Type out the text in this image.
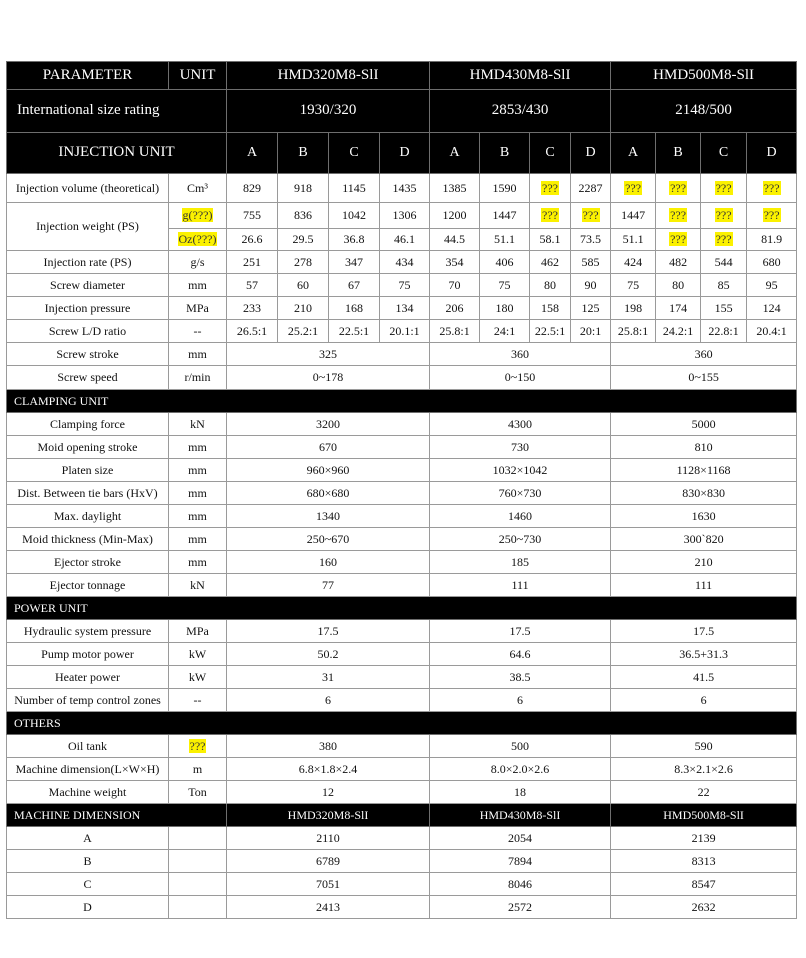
PARAMETER	UNIT	HMD320M8-SlI				HMD430M8-SlI				HMD500M8-SlI			
International size rating		1930/320				2853/430				2148/500			
INJECTION UNIT		A	B	C	D	A	B	C	D	A	B	C	D
Injection volume (theoretical)	Cm³	829	918	1145	1435	1385	1590	???	2287	???	???	???	???
Injection weight (PS)	g(???)	755	836	1042	1306	1200	1447	???	???	1447	???	???	???
	Oz(???)	26.6	29.5	36.8	46.1	44.5	51.1	58.1	73.5	51.1	???	???	81.9
Injection rate (PS)	g/s	251	278	347	434	354	406	462	585	424	482	544	680
Screw diameter	mm	57	60	67	75	70	75	80	90	75	80	85	95
Injection pressure	MPa	233	210	168	134	206	180	158	125	198	174	155	124
Screw L/D ratio	--	26.5:1	25.2:1	22.5:1	20.1:1	25.8:1	24:1	22.5:1	20:1	25.8:1	24.2:1	22.8:1	20.4:1
Screw stroke	mm	325				360				360			
Screw speed	r/min	0~178				0~150				0~155			
CLAMPING UNIT													
Clamping force	kN	3200				4300				5000			
Moid opening stroke	mm	670				730				810			
Platen size	mm	960×960				1032×1042				1128×1168			
Dist. Between tie bars (HxV)	mm	680×680				760×730				830×830			
Max. daylight	mm	1340				1460				1630			
Moid thickness (Min-Max)	mm	250~670				250~730				300`820			
Ejector stroke	mm	160				185				210			
Ejector tonnage	kN	77				111				111			
POWER UNIT													
Hydraulic system pressure	MPa	17.5				17.5				17.5			
Pump motor power	kW	50.2				64.6				36.5+31.3			
Heater power	kW	31				38.5				41.5			
Number of temp control zones	--	6				6				6			
OTHERS													
Oil tank	???	380				500				590			
Machine dimension(L×W×H)	m	6.8×1.8×2.4				8.0×2.0×2.6				8.3×2.1×2.6			
Machine weight	Ton	12				18				22			
MACHINE DIMENSION		HMD320M8-SlI				HMD430M8-SlI				HMD500M8-SlI			
A		2110				2054				2139			
B		6789				7894				8313			
C		7051				8046				8547			
D		2413				2572				2632			
